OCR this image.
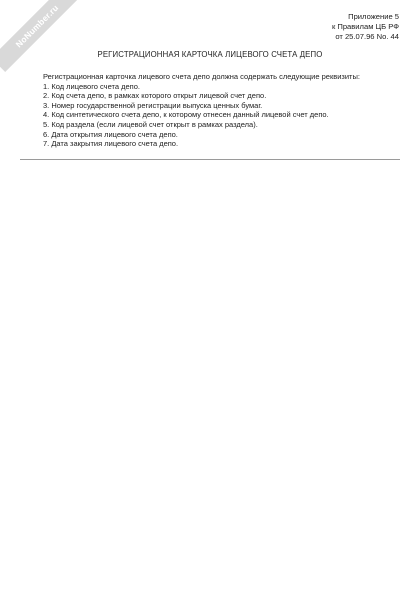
NoNumber.ru	Приложение 5
к Правилам ЦБ РФ
от 25.07.96 No. 44
РЕГИСТРАЦИОННАЯ КАРТОЧКА ЛИЦЕВОГО СЧЕТА ДЕПО
Регистрационная карточка лицевого счета депо должна содержать следующие реквизиты:
1. Код лицевого счета депо.
2. Код счета депо, в рамках которого открыт лицевой счет депо.
3. Номер государственной регистрации выпуска ценных бумаг.
4. Код синтетического счета депо, к которому отнесен данный лицевой счет депо.
5. Код раздела (если лицевой счет открыт в рамках раздела).
6. Дата открытия лицевого счета депо.
7. Дата закрытия лицевого счета депо.
